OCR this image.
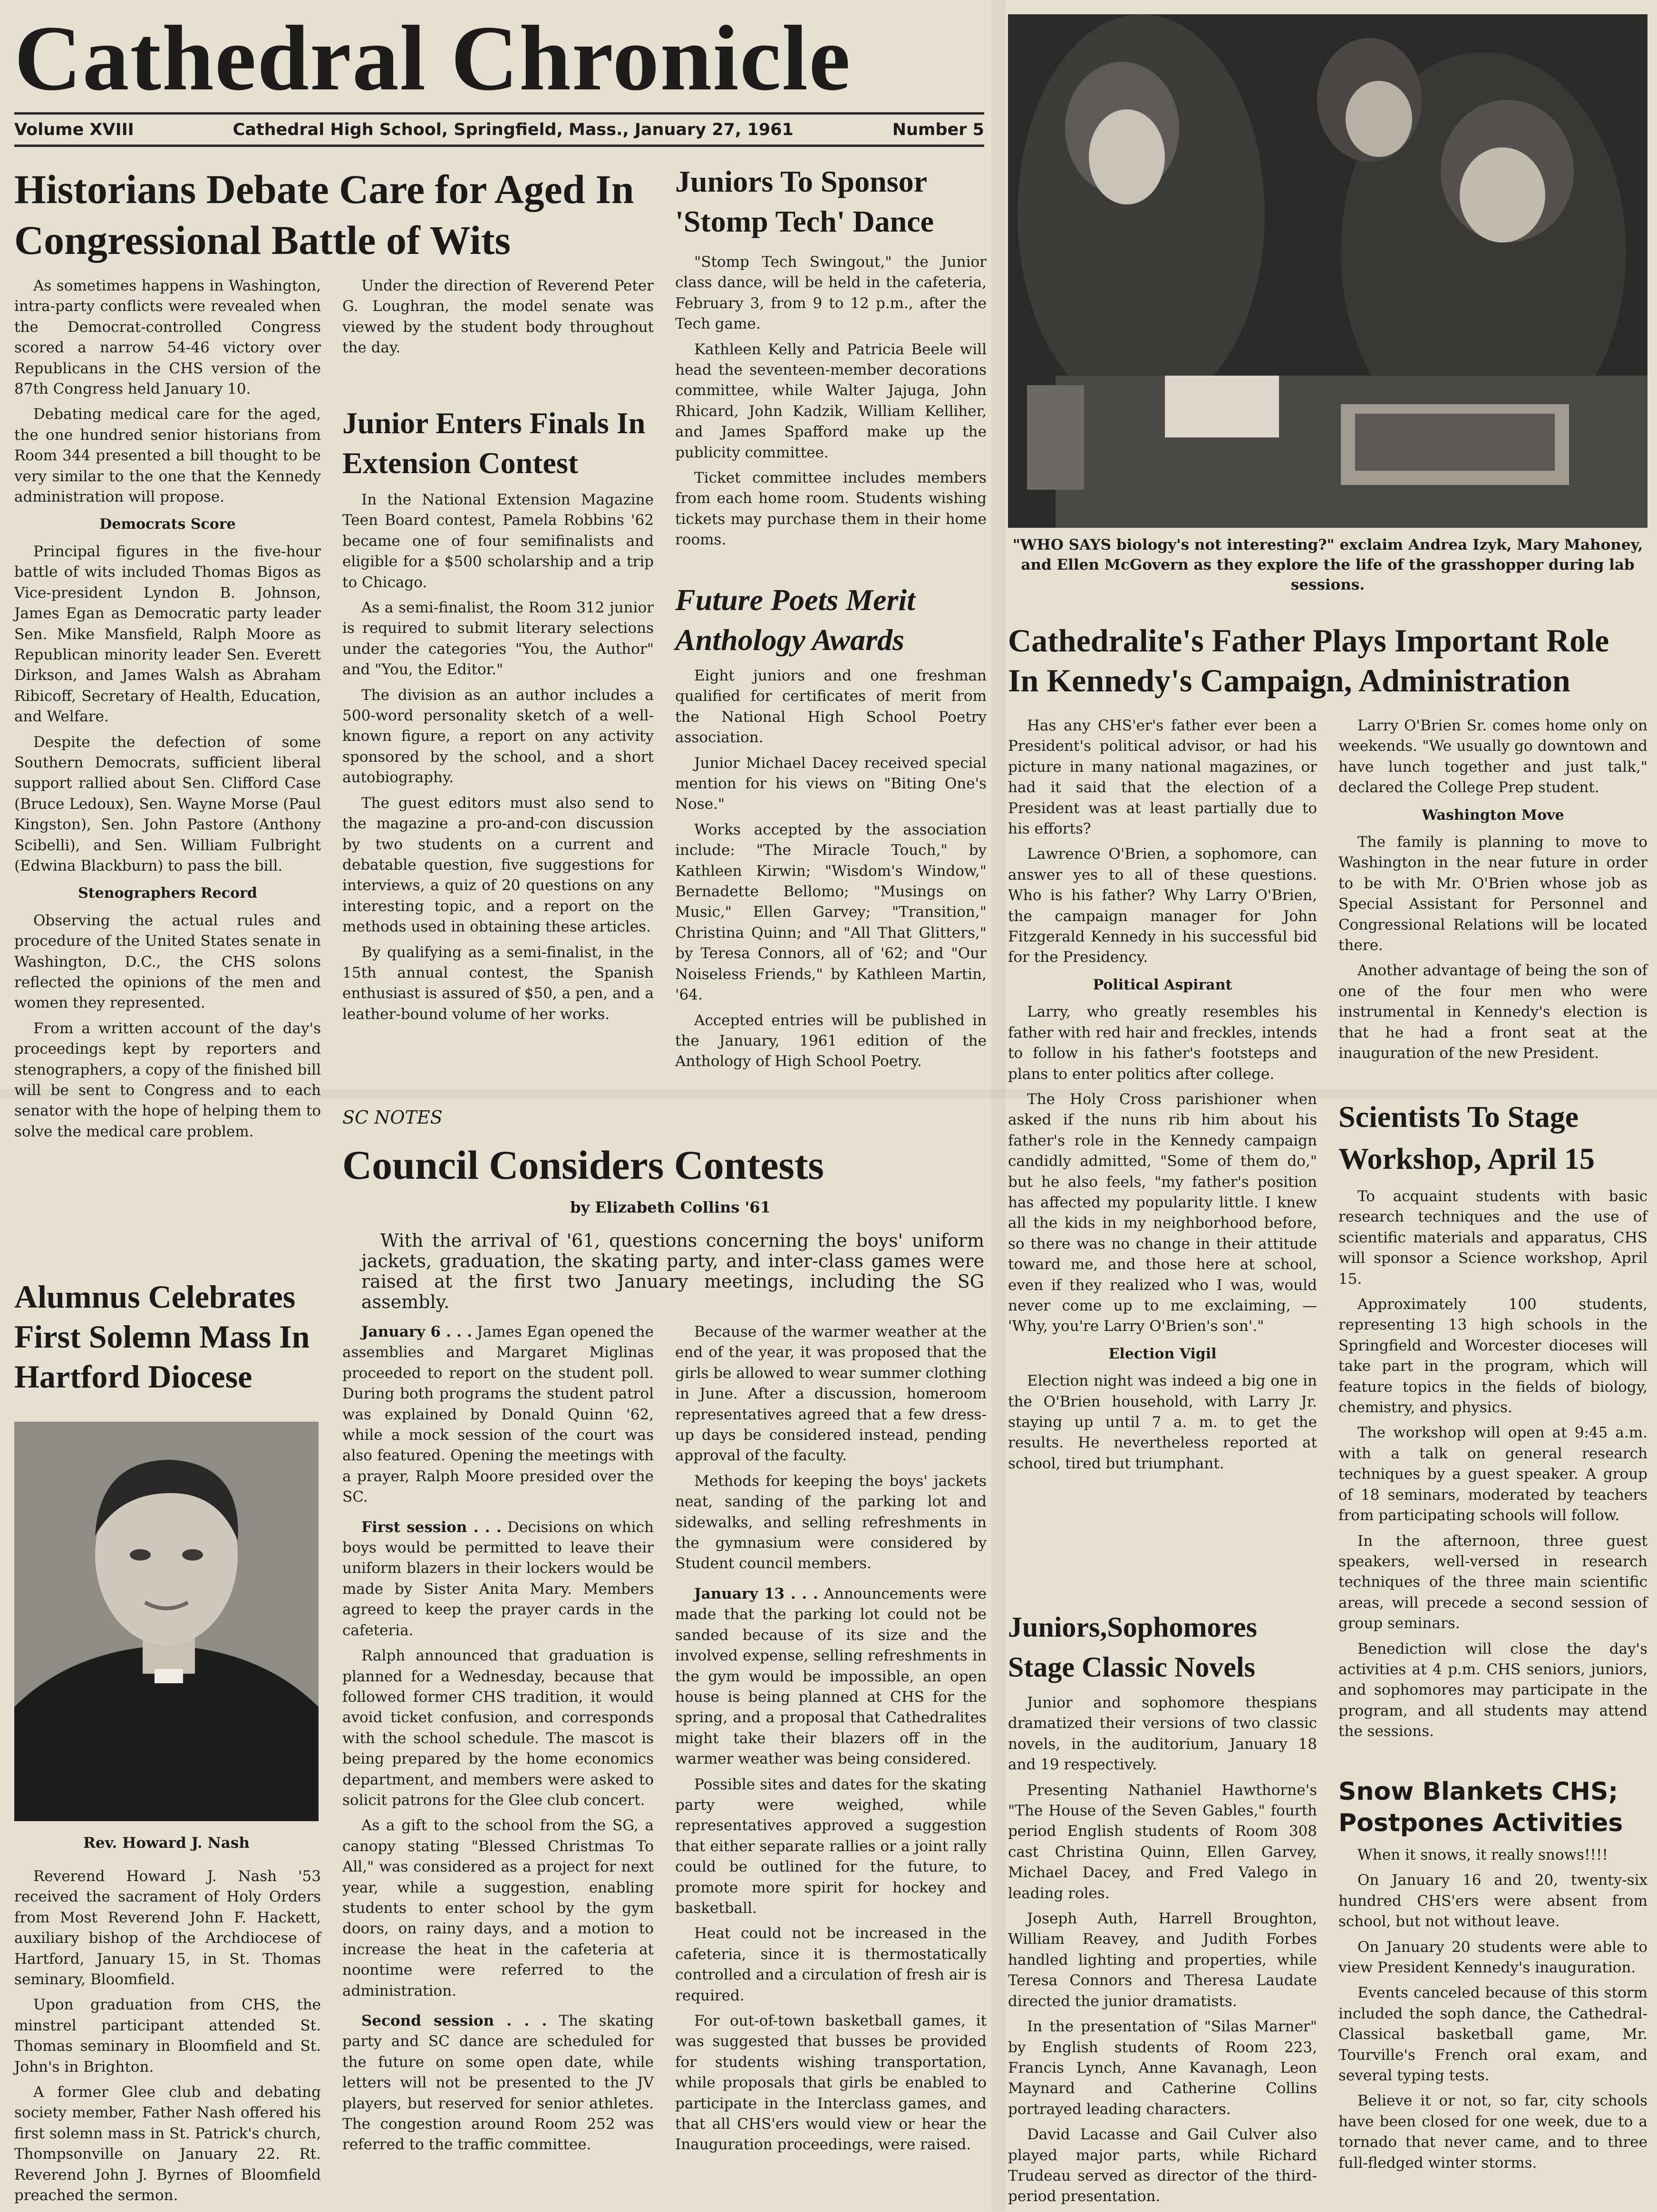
Cathedral Chronicle
Volume XVIII	Cathedral High School, Springfield, Mass., January 27, 1961	Number 5
"WHO SAYS biology's not interesting?" exclaim Andrea Izyk, Mary Mahoney, and Ellen McGovern as they explore the life of the grasshopper during lab sessions.
Historians Debate Care for Aged In Congressional Battle of Wits

As sometimes happens in Washington, intra-party conflicts were revealed when the Democrat-controlled Congress scored a narrow 54-46 victory over Republicans in the CHS version of the 87th Congress held January 10.

Debating medical care for the aged, the one hundred senior historians from Room 344 presented a bill thought to be very similar to the one that the Kennedy administration will propose.

Democrats Score

Principal figures in the five-hour battle of wits included Thomas Bigos as Vice-president Lyndon B. Johnson, James Egan as Democratic party leader Sen. Mike Mansfield, Ralph Moore as Republican minority leader Sen. Everett Dirkson, and James Walsh as Abraham Ribicoff, Secretary of Health, Education, and Welfare.

Despite the defection of some Southern Democrats, sufficient liberal support rallied about Sen. Clifford Case (Bruce Ledoux), Sen. Wayne Morse (Paul Kingston), Sen. John Pastore (Anthony Scibelli), and Sen. William Fulbright (Edwina Blackburn) to pass the bill.

Stenographers Record

Observing the actual rules and procedure of the United States senate in Washington, D.C., the CHS solons reflected the opinions of the men and women they represented.

From a written account of the day's proceedings kept by reporters and stenographers, a copy of the finished bill will be sent to Congress and to each senator with the hope of helping them to solve the medical care problem.

Under the direction of Reverend Peter G. Loughran, the model senate was viewed by the student body throughout the day.

Alumnus Celebrates First Solemn Mass In Hartford Diocese
Rev. Howard J. Nash

Reverend Howard J. Nash '53 received the sacrament of Holy Orders from Most Reverend John F. Hackett, auxiliary bishop of the Archdiocese of Hartford, January 15, in St. Thomas seminary, Bloomfield.

Upon graduation from CHS, the minstrel participant attended St. Thomas seminary in Bloomfield and St. John's in Brighton.

A former Glee club and debating society member, Father Nash offered his first solemn mass in St. Patrick's church, Thompsonville on January 22. Rt. Reverend John J. Byrnes of Bloomfield preached the sermon.

Junior Enters Finals In Extension Contest

In the National Extension Magazine Teen Board contest, Pamela Robbins '62 became one of four semifinalists and eligible for a $500 scholarship and a trip to Chicago.

As a semi-finalist, the Room 312 junior is required to submit literary selections under the categories "You, the Author" and "You, the Editor."

The division as an author includes a 500-word personality sketch of a well-known figure, a report on any activity sponsored by the school, and a short autobiography.

The guest editors must also send to the magazine a pro-and-con discussion by two students on a current and debatable question, five suggestions for interviews, a quiz of 20 questions on any interesting topic, and a report on the methods used in obtaining these articles.

By qualifying as a semi-finalist, in the 15th annual contest, the Spanish enthusiast is assured of $50, a pen, and a leather-bound volume of her works.

Juniors To Sponsor 'Stomp Tech' Dance

"Stomp Tech Swingout," the Junior class dance, will be held in the cafeteria, February 3, from 9 to 12 p.m., after the Tech game.

Kathleen Kelly and Patricia Beele will head the seventeen-member decorations committee, while Walter Jajuga, John Rhicard, John Kadzik, William Kelliher, and James Spafford make up the publicity committee.

Ticket committee includes members from each home room. Students wishing tickets may purchase them in their home rooms.

Future Poets Merit Anthology Awards

Eight juniors and one freshman qualified for certificates of merit from the National High School Poetry association.

Junior Michael Dacey received special mention for his views on "Biting One's Nose."

Works accepted by the association include: "The Miracle Touch," by Kathleen Kirwin; "Wisdom's Window," Bernadette Bellomo; "Musings on Music," Ellen Garvey; "Transition," Christina Quinn; and "All That Glitters," by Teresa Connors, all of '62; and "Our Noiseless Friends," by Kathleen Martin, '64.

Accepted entries will be published in the January, 1961 edition of the Anthology of High School Poetry.

SC NOTES
Council Considers Contests
by Elizabeth Collins '61

With the arrival of '61, questions concerning the boys' uniform jackets, graduation, the skating party, and inter-class games were raised at the first two January meetings, including the SG assembly.

January 6 . . . James Egan opened the assemblies and Margaret Miglinas proceeded to report on the student poll. During both programs the student patrol was explained by Donald Quinn '62, while a mock session of the court was also featured. Opening the meetings with a prayer, Ralph Moore presided over the SC.

First session . . . Decisions on which boys would be permitted to leave their uniform blazers in their lockers would be made by Sister Anita Mary. Members agreed to keep the prayer cards in the cafeteria.

Ralph announced that graduation is planned for a Wednesday, because that followed former CHS tradition, it would avoid ticket confusion, and corresponds with the school schedule. The mascot is being prepared by the home economics department, and members were asked to solicit patrons for the Glee club concert.

As a gift to the school from the SG, a canopy stating "Blessed Christmas To All," was considered as a project for next year, while a suggestion, enabling students to enter school by the gym doors, on rainy days, and a motion to increase the heat in the cafeteria at noontime were referred to the administration.

Second session . . . The skating party and SC dance are scheduled for the future on some open date, while letters will not be presented to the JV players, but reserved for senior athletes. The congestion around Room 252 was referred to the traffic committee.

Because of the warmer weather at the end of the year, it was proposed that the girls be allowed to wear summer clothing in June. After a discussion, homeroom representatives agreed that a few dress-up days be considered instead, pending approval of the faculty.

Methods for keeping the boys' jackets neat, sanding of the parking lot and sidewalks, and selling refreshments in the gymnasium were considered by Student council members.

January 13 . . . Announcements were made that the parking lot could not be sanded because of its size and the involved expense, selling refreshments in the gym would be impossible, an open house is being planned at CHS for the spring, and a proposal that Cathedralites might take their blazers off in the warmer weather was being considered.

Possible sites and dates for the skating party were weighed, while representatives approved a suggestion that either separate rallies or a joint rally could be outlined for the future, to promote more spirit for hockey and basketball.

Heat could not be increased in the cafeteria, since it is thermostatically controlled and a circulation of fresh air is required.

For out-of-town basketball games, it was suggested that busses be provided for students wishing transportation, while proposals that girls be enabled to participate in the Interclass games, and that all CHS'ers would view or hear the Inauguration proceedings, were raised.

Cathedralite's Father Plays Important Role In Kennedy's Campaign, Administration

Has any CHS'er's father ever been a President's political advisor, or had his picture in many national magazines, or had it said that the election of a President was at least partially due to his efforts?

Lawrence O'Brien, a sophomore, can answer yes to all of these questions. Who is his father? Why Larry O'Brien, the campaign manager for John Fitzgerald Kennedy in his successful bid for the Presidency.

Political Aspirant

Larry, who greatly resembles his father with red hair and freckles, intends to follow in his father's footsteps and plans to enter politics after college.

The Holy Cross parishioner when asked if the nuns rib him about his father's role in the Kennedy campaign candidly admitted, "Some of them do," but he also feels, "my father's position has affected my popularity little. I knew all the kids in my neighborhood before, so there was no change in their attitude toward me, and those here at school, even if they realized who I was, would never come up to me exclaiming, — 'Why, you're Larry O'Brien's son'."

Election Vigil

Election night was indeed a big one in the O'Brien household, with Larry Jr. staying up until 7 a. m. to get the results. He nevertheless reported at school, tired but triumphant.

Larry O'Brien Sr. comes home only on weekends. "We usually go downtown and have lunch together and just talk," declared the College Prep student.

Washington Move

The family is planning to move to Washington in the near future in order to be with Mr. O'Brien whose job as Special Assistant for Personnel and Congressional Relations will be located there.

Another advantage of being the son of one of the four men who were instrumental in Kennedy's election is that he had a front seat at the inauguration of the new President.

Scientists To Stage Workshop, April 15

To acquaint students with basic research techniques and the use of scientific materials and apparatus, CHS will sponsor a Science workshop, April 15.

Approximately 100 students, representing 13 high schools in the Springfield and Worcester dioceses will take part in the program, which will feature topics in the fields of biology, chemistry, and physics.

The workshop will open at 9:45 a.m. with a talk on general research techniques by a guest speaker. A group of 18 seminars, moderated by teachers from participating schools will follow.

In the afternoon, three guest speakers, well-versed in research techniques of the three main scientific areas, will precede a second session of group seminars.

Benediction will close the day's activities at 4 p.m. CHS seniors, juniors, and sophomores may participate in the program, and all students may attend the sessions.

Juniors,Sophomores Stage Classic Novels

Junior and sophomore thespians dramatized their versions of two classic novels, in the auditorium, January 18 and 19 respectively.

Presenting Nathaniel Hawthorne's "The House of the Seven Gables," fourth period English students of Room 308 cast Christina Quinn, Ellen Garvey, Michael Dacey, and Fred Valego in leading roles.

Joseph Auth, Harrell Broughton, William Reavey, and Judith Forbes handled lighting and properties, while Teresa Connors and Theresa Laudate directed the junior dramatists.

In the presentation of "Silas Marner" by English students of Room 223, Francis Lynch, Anne Kavanagh, Leon Maynard and Catherine Collins portrayed leading characters.

David Lacasse and Gail Culver also played major parts, while Richard Trudeau served as director of the third-period presentation.

Snow Blankets CHS; Postpones Activities

When it snows, it really snows!!!!

On January 16 and 20, twenty-six hundred CHS'ers were absent from school, but not without leave.

On January 20 students were able to view President Kennedy's inauguration.

Events canceled because of this storm included the soph dance, the Cathedral-Classical basketball game, Mr. Tourville's French oral exam, and several typing tests.

Believe it or not, so far, city schools have been closed for one week, due to a tornado that never came, and to three full-fledged winter storms.
